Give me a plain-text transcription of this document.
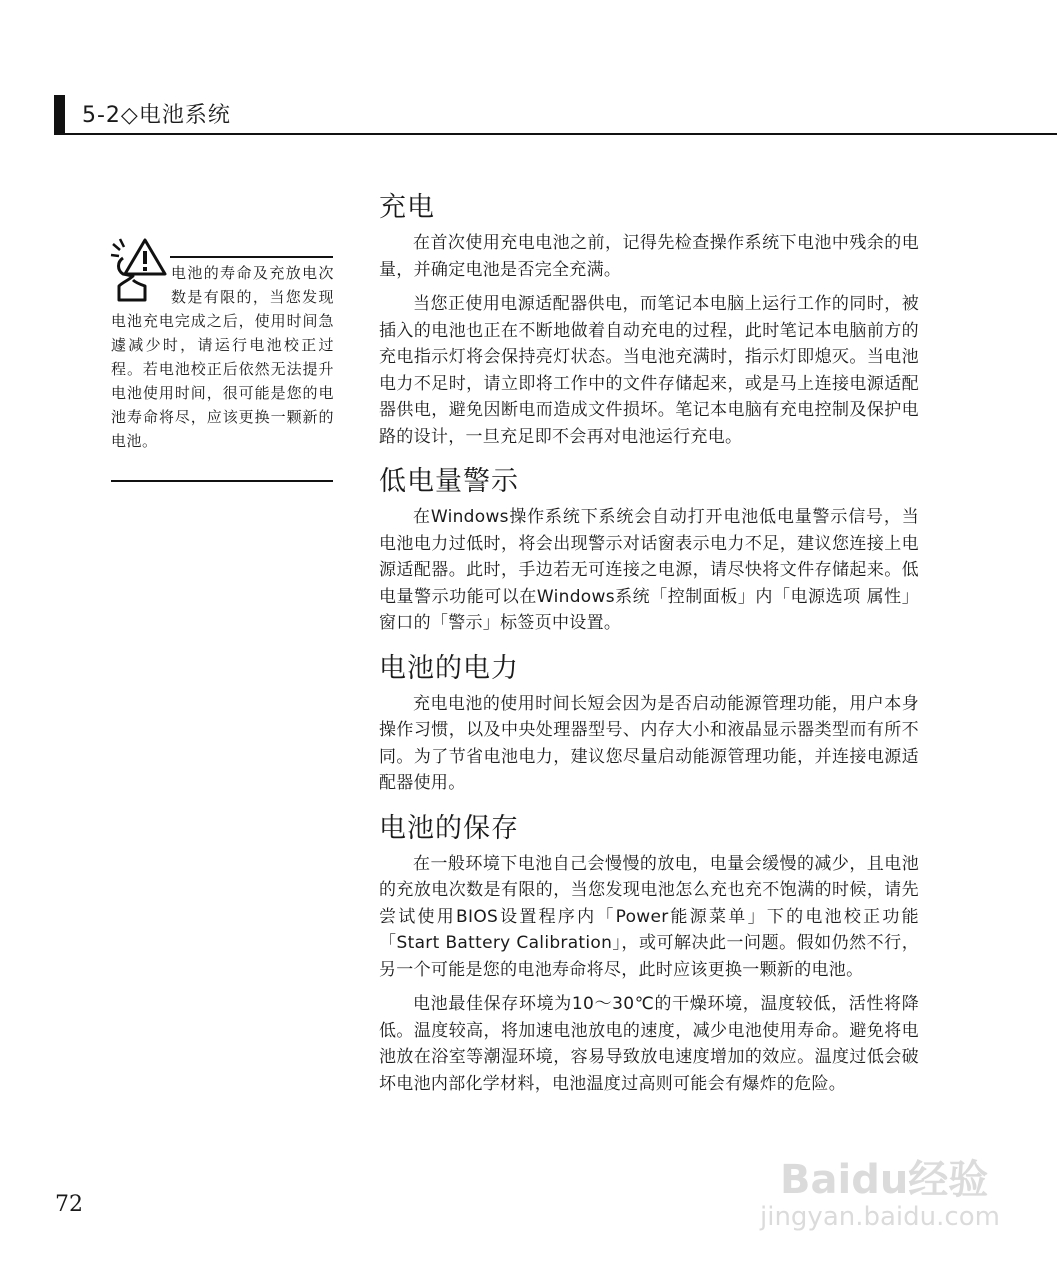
5-2◇电池系统
电池的寿命及充放电次数是有限的，当您发现电池充电完成之后，使用时间急遽减少时，请运行电池校正过程。若电池校正后依然无法提升电池使用时间，很可能是您的电池寿命将尽，应该更换一颗新的电池。
充电

在首次使用充电电池之前，记得先检查操作系统下电池中残余的电量，并确定电池是否完全充满。

当您正使用电源适配器供电，而笔记本电脑上运行工作的同时，被插入的电池也正在不断地做着自动充电的过程，此时笔记本电脑前方的充电指示灯将会保持亮灯状态。当电池充满时，指示灯即熄灭。当电池电力不足时，请立即将工作中的文件存储起来，或是马上连接电源适配器供电，避免因断电而造成文件损坏。笔记本电脑有充电控制及保护电路的设计，一旦充足即不会再对电池运行充电。

低电量警示

在Windows操作系统下系统会自动打开电池低电量警示信号，当电池电力过低时，将会出现警示对话窗表示电力不足，建议您连接上电源适配器。此时，手边若无可连接之电源，请尽快将文件存储起来。低电量警示功能可以在Windows系统「控制面板」内「电源选项 属性」窗口的「警示」标签页中设置。

电池的电力

充电电池的使用时间长短会因为是否启动能源管理功能，用户本身操作习惯，以及中央处理器型号、内存大小和液晶显示器类型而有所不同。为了节省电池电力，建议您尽量启动能源管理功能，并连接电源适配器使用。

电池的保存

在一般环境下电池自己会慢慢的放电，电量会缓慢的减少，且电池的充放电次数是有限的，当您发现电池怎么充也充不饱满的时候，请先尝试使用BIOS设置程序内「Power能源菜单」下的电池校正功能「Start Battery Calibration」，或可解决此一问题。假如仍然不行，另一个可能是您的电池寿命将尽，此时应该更换一颗新的电池。

电池最佳保存环境为10～30℃的干燥环境，温度较低，活性将降低。温度较高，将加速电池放电的速度，减少电池使用寿命。避免将电池放在浴室等潮湿环境，容易导致放电速度增加的效应。温度过低会破坏电池内部化学材料，电池温度过高则可能会有爆炸的危险。

72
Baidu经验
jingyan.baidu.com
